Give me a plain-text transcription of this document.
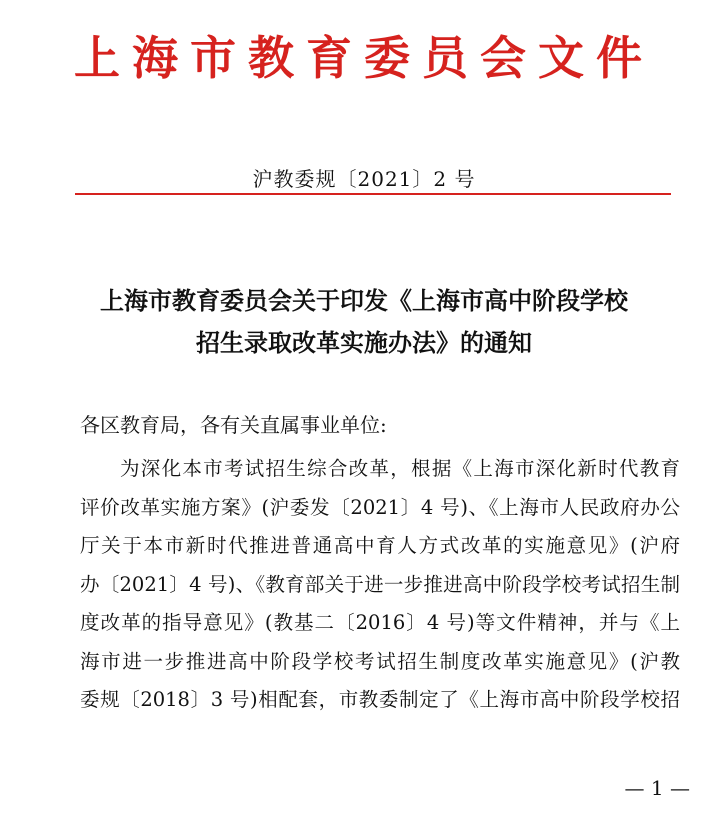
上海市教育委员会文件
沪教委规〔2021〕2 号
上海市教育委员会关于印发《上海市高中阶段学校
招生录取改革实施办法》的通知
各区教育局，各有关直属事业单位:
为深化本市考试招生综合改革，根据《上海市深化新时代教育
评价改革实施方案》(沪委发〔2021〕4 号)、《上海市人民政府办公
厅关于本市新时代推进普通高中育人方式改革的实施意见》(沪府
办〔2021〕4 号)、《教育部关于进一步推进高中阶段学校考试招生制
度改革的指导意见》(教基二〔2016〕4 号)等文件精神，并与《上
海市进一步推进高中阶段学校考试招生制度改革实施意见》(沪教
委规〔2018〕3 号)相配套，市教委制定了《上海市高中阶段学校招
— 1 —
